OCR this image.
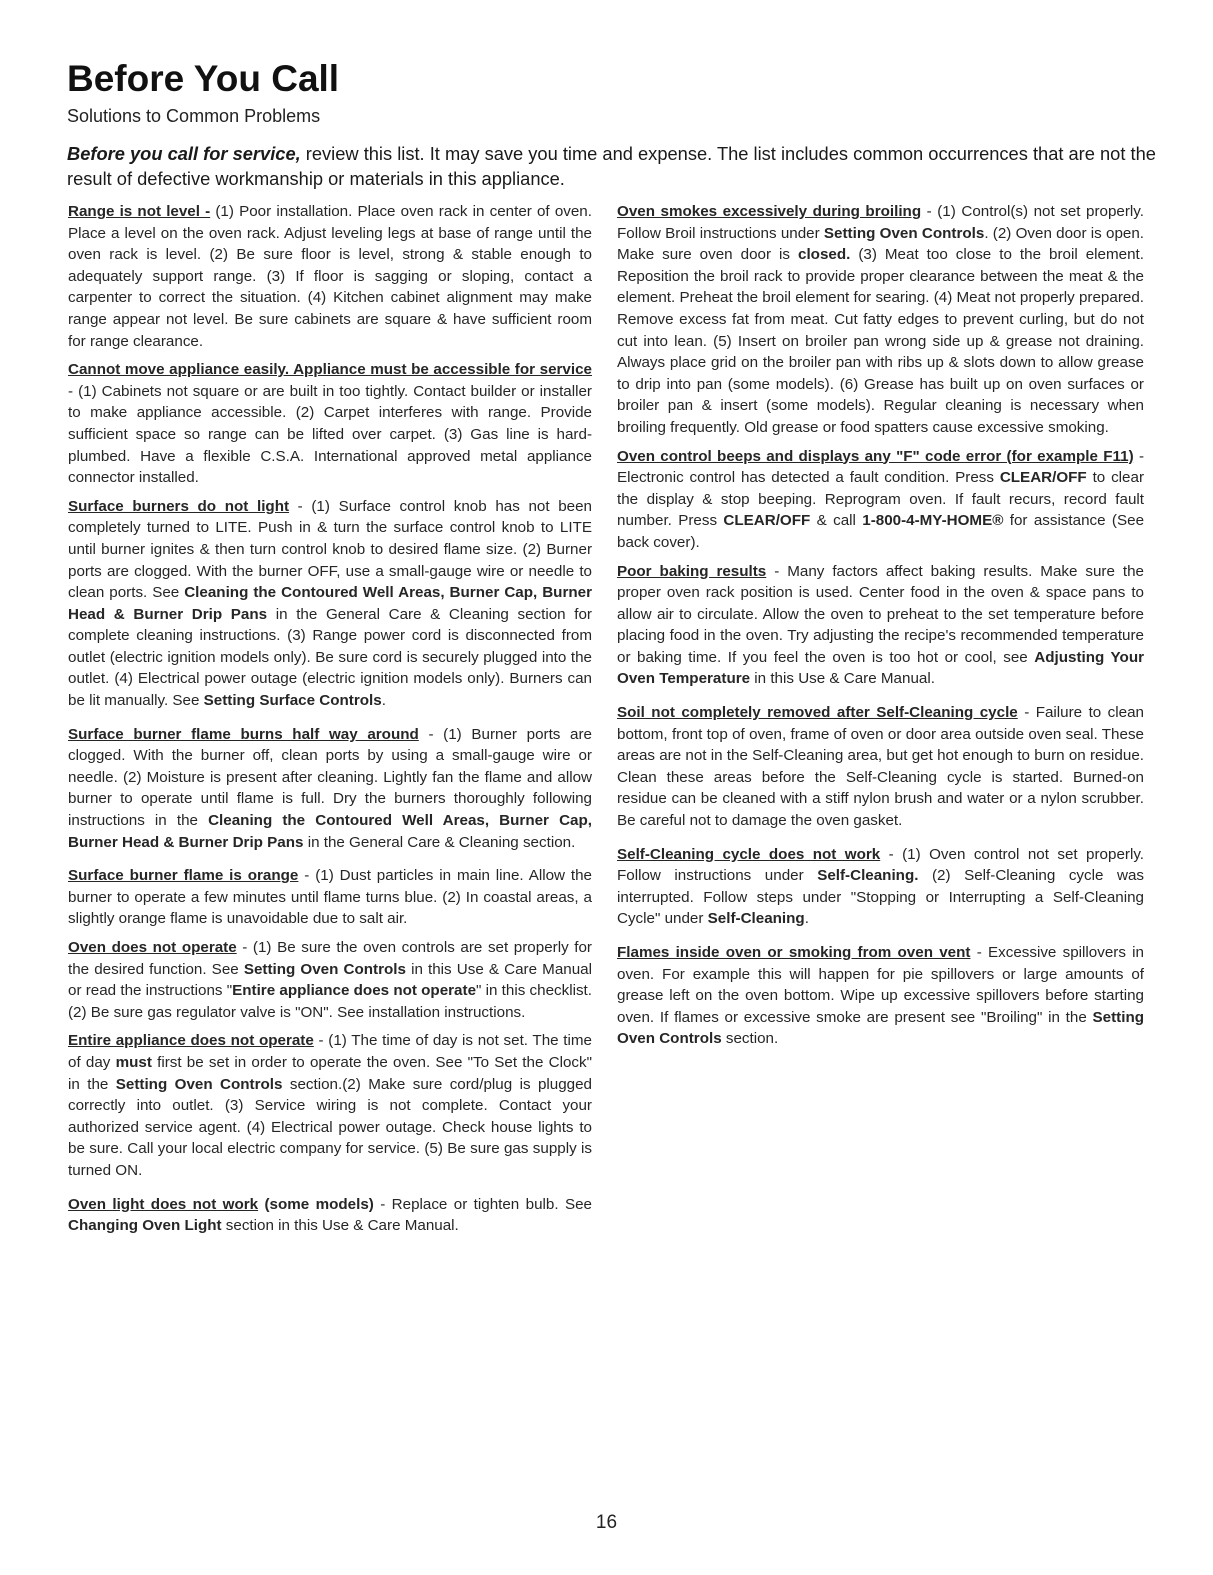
Before You Call
Solutions to Common Problems
Before you call for service, review this list. It may save you time and expense. The list includes common occurrences that are not the result of defective workmanship or materials in this appliance.

Range is not level - (1) Poor installation. Place oven rack in center of oven. Place a level on the oven rack. Adjust leveling legs at base of range until the oven rack is level. (2) Be sure floor is level, strong & stable enough to adequately support range. (3) If floor is sagging or sloping, contact a carpenter to correct the situation. (4) Kitchen cabinet alignment may make range appear not level. Be sure cabinets are square & have sufficient room for range clearance.

Cannot move appliance easily. Appliance must be accessible for service - (1) Cabinets not square or are built in too tightly. Contact builder or installer to make appliance accessible. (2) Carpet interferes with range. Provide sufficient space so range can be lifted over carpet. (3) Gas line is hard-plumbed. Have a flexible C.S.A. International approved metal appliance connector installed.

Surface burners do not light - (1) Surface control knob has not been completely turned to LITE. Push in & turn the surface control knob to LITE until burner ignites & then turn control knob to desired flame size. (2) Burner ports are clogged. With the burner OFF, use a small-gauge wire or needle to clean ports. See Cleaning the Contoured Well Areas, Burner Cap, Burner Head & Burner Drip Pans in the General Care & Cleaning section for complete cleaning instructions. (3) Range power cord is disconnected from outlet (electric ignition models only). Be sure cord is securely plugged into the outlet. (4) Electrical power outage (electric ignition models only). Burners can be lit manually. See Setting Surface Controls.

Surface burner flame burns half way around - (1) Burner ports are clogged. With the burner off, clean ports by using a small-gauge wire or needle. (2) Moisture is present after cleaning. Lightly fan the flame and allow burner to operate until flame is full. Dry the burners thoroughly following instructions in the Cleaning the Contoured Well Areas, Burner Cap, Burner Head & Burner Drip Pans in the General Care & Cleaning section.

Surface burner flame is orange - (1) Dust particles in main line. Allow the burner to operate a few minutes until flame turns blue. (2) In coastal areas, a slightly orange flame is unavoidable due to salt air.

Oven does not operate - (1) Be sure the oven controls are set properly for the desired function. See Setting Oven Controls in this Use & Care Manual or read the instructions "Entire appliance does not operate" in this checklist. (2) Be sure gas regulator valve is "ON". See installation instructions.

Entire appliance does not operate - (1) The time of day is not set. The time of day must first be set in order to operate the oven. See "To Set the Clock" in the Setting Oven Controls section.(2) Make sure cord/plug is plugged correctly into outlet. (3) Service wiring is not complete. Contact your authorized service agent. (4) Electrical power outage. Check house lights to be sure. Call your local electric company for service. (5) Be sure gas supply is turned ON.

Oven light does not work (some models) - Replace or tighten bulb. See Changing Oven Light section in this Use & Care Manual.

Oven smokes excessively during broiling - (1) Control(s) not set properly. Follow Broil instructions under Setting Oven Controls. (2) Oven door is open. Make sure oven door is closed. (3) Meat too close to the broil element. Reposition the broil rack to provide proper clearance between the meat & the element. Preheat the broil element for searing. (4) Meat not properly prepared. Remove excess fat from meat. Cut fatty edges to prevent curling, but do not cut into lean. (5) Insert on broiler pan wrong side up & grease not draining. Always place grid on the broiler pan with ribs up & slots down to allow grease to drip into pan (some models). (6) Grease has built up on oven surfaces or broiler pan & insert (some models). Regular cleaning is necessary when broiling frequently. Old grease or food spatters cause excessive smoking.

Oven control beeps and displays any "F" code error (for example F11) - Electronic control has detected a fault condition. Press CLEAR/OFF to clear the display & stop beeping. Reprogram oven. If fault recurs, record fault number. Press CLEAR/OFF & call 1-800-4-MY-HOME® for assistance (See back cover).

Poor baking results - Many factors affect baking results. Make sure the proper oven rack position is used. Center food in the oven & space pans to allow air to circulate. Allow the oven to preheat to the set temperature before placing food in the oven. Try adjusting the recipe's recommended temperature or baking time. If you feel the oven is too hot or cool, see Adjusting Your Oven Temperature in this Use & Care Manual.

Soil not completely removed after Self-Cleaning cycle - Failure to clean bottom, front top of oven, frame of oven or door area outside oven seal. These areas are not in the Self-Cleaning area, but get hot enough to burn on residue. Clean these areas before the Self-Cleaning cycle is started. Burned-on residue can be cleaned with a stiff nylon brush and water or a nylon scrubber. Be careful not to damage the oven gasket.

Self-Cleaning cycle does not work - (1) Oven control not set properly. Follow instructions under Self-Cleaning. (2) Self-Cleaning cycle was interrupted. Follow steps under "Stopping or Interrupting a Self-Cleaning Cycle" under Self-Cleaning.

Flames inside oven or smoking from oven vent - Excessive spillovers in oven. For example this will happen for pie spillovers or large amounts of grease left on the oven bottom. Wipe up excessive spillovers before starting oven. If flames or excessive smoke are present see "Broiling" in the Setting Oven Controls section.

16
